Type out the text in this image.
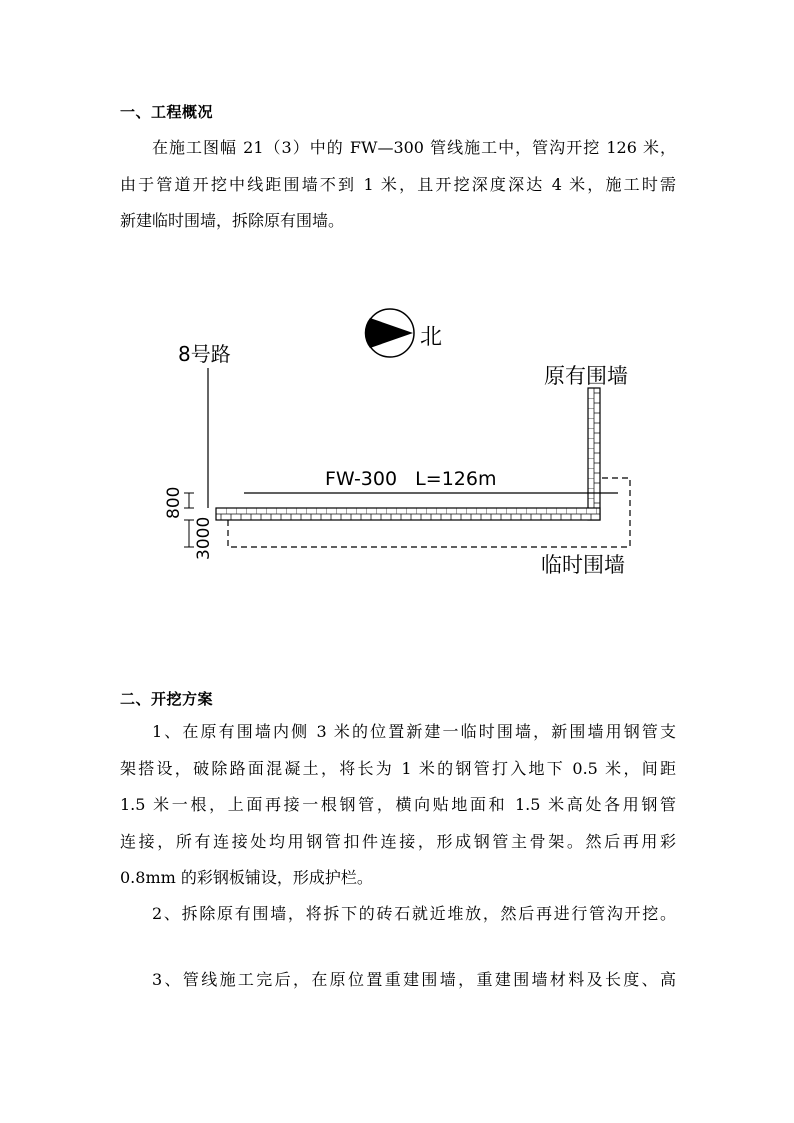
一、工程概况
在施工图幅 21（3）中的 FW—300 管线施工中，管沟开挖 126 米，
由于管道开挖中线距围墙不到 1 米，且开挖深度深达 4 米，施工时需
新建临时围墙，拆除原有围墙。
北
8号路
原有围墙
FW-300   L=126m
临时围墙
800
3000
二、开挖方案
1、在原有围墙内侧 3 米的位置新建一临时围墙，新围墙用钢管支
架搭设，破除路面混凝土，将长为 1 米的钢管打入地下 0.5 米，间距
1.5 米一根，上面再接一根钢管，横向贴地面和 1.5 米高处各用钢管
连接，所有连接处均用钢管扣件连接，形成钢管主骨架。然后再用彩
0.8mm 的彩钢板铺设，形成护栏。
2、拆除原有围墙，将拆下的砖石就近堆放，然后再进行管沟开挖。
3、管线施工完后，在原位置重建围墙，重建围墙材料及长度、高
